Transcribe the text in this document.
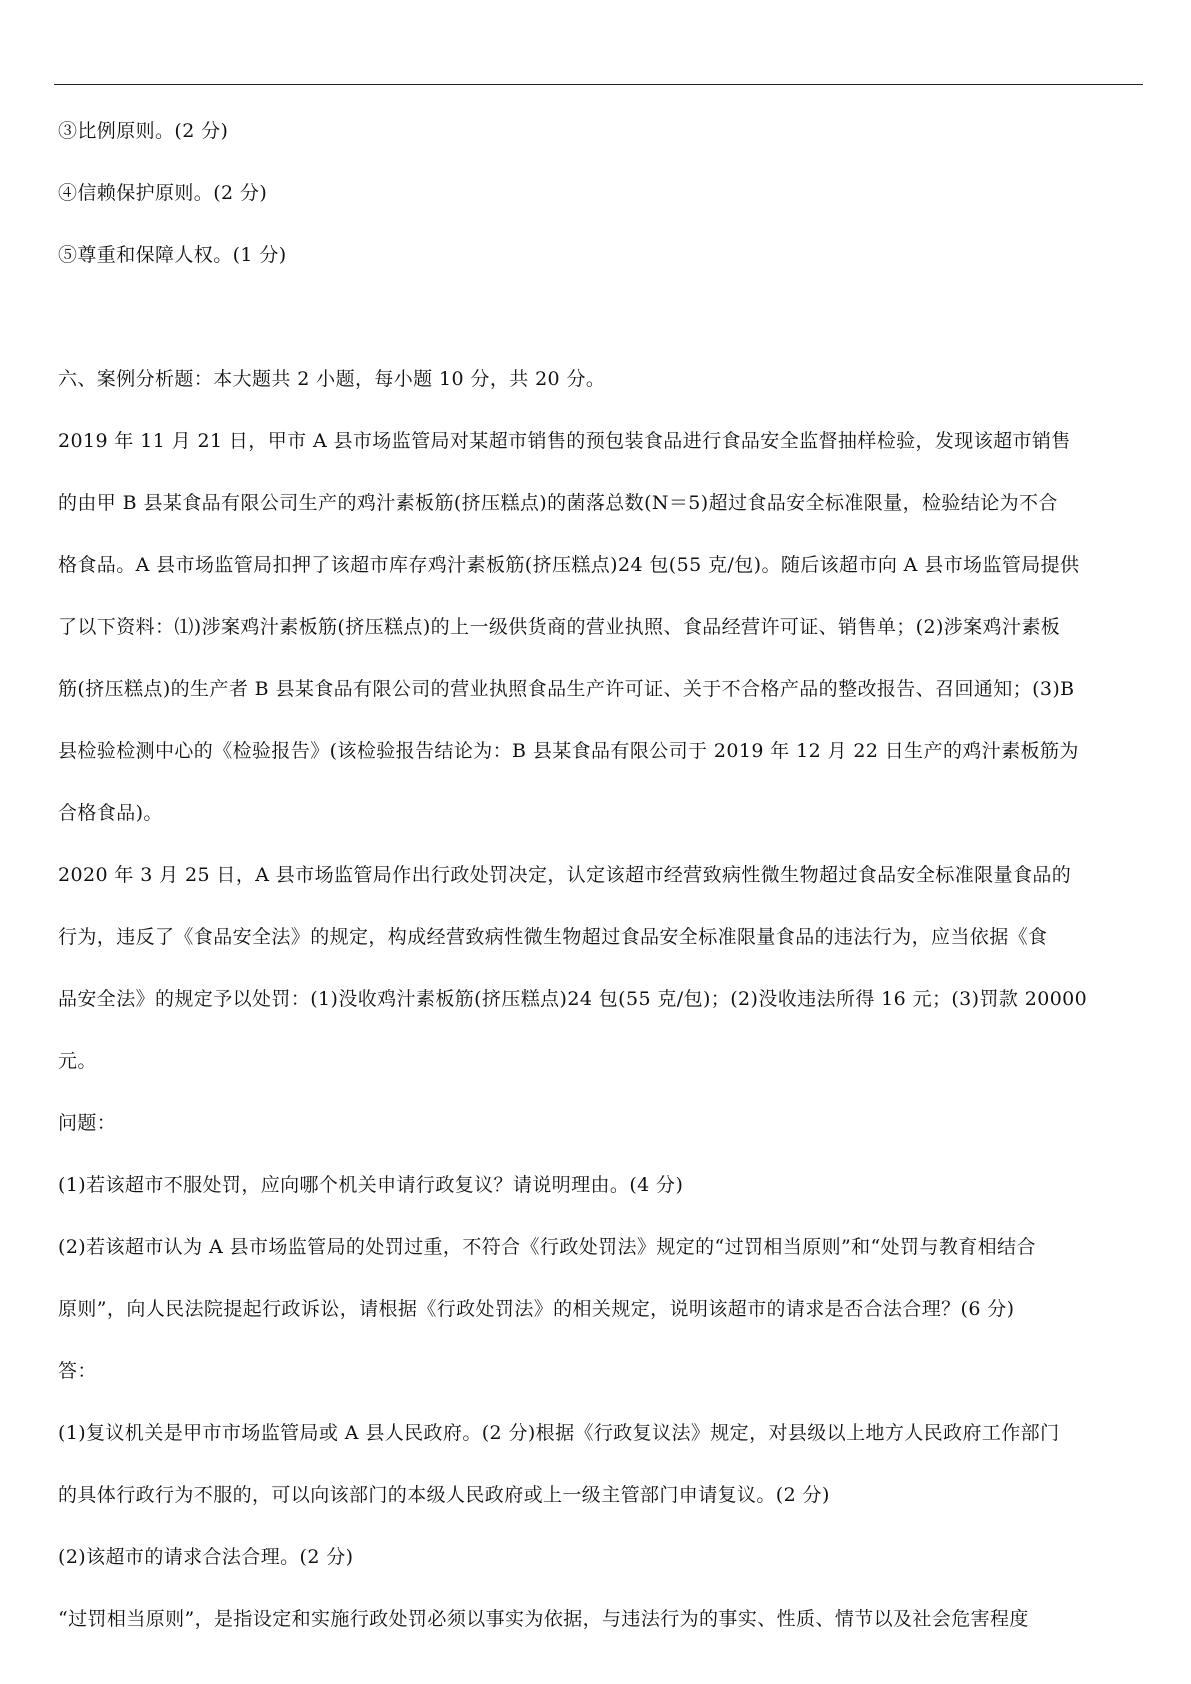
③比例原则。(2 分)
④信赖保护原则。(2 分)
⑤尊重和保障人权。(1 分)
六、案例分析题：本大题共 2 小题，每小题 10 分，共 20 分。
2019 年 11 月 21 日，甲市 A 县市场监管局对某超市销售的预包装食品进行食品安全监督抽样检验，发现该超市销售
的由甲 B 县某食品有限公司生产的鸡汁素板筋(挤压糕点)的菌落总数(N＝5)超过食品安全标准限量，检验结论为不合
格食品。A 县市场监管局扣押了该超市库存鸡汁素板筋(挤压糕点)24 包(55 克/包)。随后该超市向 A 县市场监管局提供
了以下资料：⑴)涉案鸡汁素板筋(挤压糕点)的上一级供货商的营业执照、食品经营许可证、销售单；(2)涉案鸡汁素板
筋(挤压糕点)的生产者 B 县某食品有限公司的营业执照食品生产许可证、关于不合格产品的整改报告、召回通知；(3)B
县检验检测中心的《检验报告》(该检验报告结论为：B 县某食品有限公司于 2019 年 12 月 22 日生产的鸡汁素板筋为
合格食品)。
2020 年 3 月 25 日，A 县市场监管局作出行政处罚决定，认定该超市经营致病性微生物超过食品安全标准限量食品的
行为，违反了《食品安全法》的规定，构成经营致病性微生物超过食品安全标准限量食品的违法行为，应当依据《食
品安全法》的规定予以处罚：(1)没收鸡汁素板筋(挤压糕点)24 包(55 克/包)；(2)没收违法所得 16 元；(3)罚款 20000
元。
问题：
(1)若该超市不服处罚，应向哪个机关申请行政复议？请说明理由。(4 分)
(2)若该超市认为 A 县市场监管局的处罚过重，不符合《行政处罚法》规定的“过罚相当原则”和“处罚与教育相结合
原则”，向人民法院提起行政诉讼，请根据《行政处罚法》的相关规定，说明该超市的请求是否合法合理？(6 分)
答：
(1)复议机关是甲市市场监管局或 A 县人民政府。(2 分)根据《行政复议法》规定，对县级以上地方人民政府工作部门
的具体行政行为不服的，可以向该部门的本级人民政府或上一级主管部门申请复议。(2 分)
(2)该超市的请求合法合理。(2 分)
“过罚相当原则”，是指设定和实施行政处罚必须以事实为依据，与违法行为的事实、性质、情节以及社会危害程度
